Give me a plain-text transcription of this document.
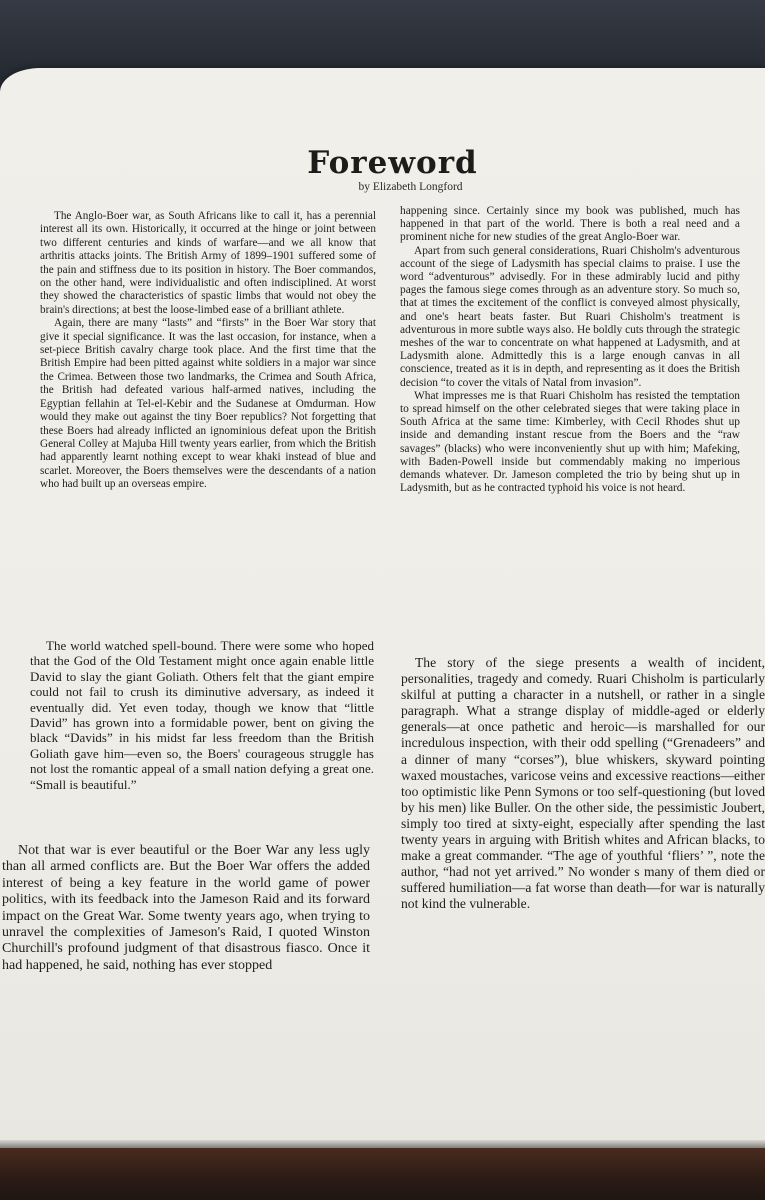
Foreword
by Elizabeth Longford

The Anglo-Boer war, as South Africans like to call it, has a perennial interest all its own. Historically, it occurred at the hinge or joint between two different centuries and kinds of warfare—and we all know that arthritis attacks joints. The British Army of 1899–1901 suffered some of the pain and stiffness due to its position in history. The Boer commandos, on the other hand, were individualistic and often indisciplined. At worst they showed the characteristics of spastic limbs that would not obey the brain's directions; at best the loose-limbed ease of a brilliant athlete.

Again, there are many “lasts” and “firsts” in the Boer War story that give it special significance. It was the last occasion, for instance, when a set-piece British cavalry charge took place. And the first time that the British Empire had been pitted against white soldiers in a major war since the Crimea. Between those two landmarks, the Crimea and South Africa, the British had defeated various half-armed natives, including the Egyptian fellahin at Tel-el-Kebir and the Sudanese at Omdurman. How would they make out against the tiny Boer republics? Not forgetting that these Boers had already inflicted an ignominious defeat upon the British General Colley at Majuba Hill twenty years earlier, from which the British had apparently learnt nothing except to wear khaki instead of blue and scarlet. Moreover, the Boers themselves were the descendants of a nation who had built up an overseas empire.

The world watched spell-bound. There were some who hoped that the God of the Old Testament might once again enable little David to slay the giant Goliath. Others felt that the giant empire could not fail to crush its diminutive adversary, as indeed it eventually did. Yet even today, though we know that “little David” has grown into a formidable power, bent on giving the black “Davids” in his midst far less freedom than the British Goliath gave him—even so, the Boers' courageous struggle has not lost the romantic appeal of a small nation defying a great one. “Small is beautiful.”

Not that war is ever beautiful or the Boer War any less ugly than all armed conflicts are. But the Boer War offers the added interest of being a key feature in the world game of power politics, with its feedback into the Jameson Raid and its forward impact on the Great War. Some twenty years ago, when trying to unravel the complexities of Jameson's Raid, I quoted Winston Churchill's profound judgment of that disastrous fiasco. Once it had happened, he said, nothing has ever stopped

happening since. Certainly since my book was published, much has happened in that part of the world. There is both a real need and a prominent niche for new studies of the great Anglo-Boer war.

Apart from such general considerations, Ruari Chisholm's adventurous account of the siege of Ladysmith has special claims to praise. I use the word “adventurous” advisedly. For in these admirably lucid and pithy pages the famous siege comes through as an adventure story. So much so, that at times the excitement of the conflict is conveyed almost physically, and one's heart beats faster. But Ruari Chisholm's treatment is adventurous in more subtle ways also. He boldly cuts through the strategic meshes of the war to concentrate on what happened at Ladysmith, and at Ladysmith alone. Admittedly this is a large enough canvas in all conscience, treated as it is in depth, and representing as it does the British decision “to cover the vitals of Natal from invasion”.

What impresses me is that Ruari Chisholm has resisted the temptation to spread himself on the other celebrated sieges that were taking place in South Africa at the same time: Kimberley, with Cecil Rhodes shut up inside and demanding instant rescue from the Boers and the “raw savages” (blacks) who were inconveniently shut up with him; Mafeking, with Baden-Powell inside but commendably making no imperious demands whatever. Dr. Jameson completed the trio by being shut up in Ladysmith, but as he contracted typhoid his voice is not heard.

The story of the siege presents a wealth of incident, personalities, tragedy and comedy. Ruari Chisholm is particularly skilful at putting a character in a nutshell, or rather in a single paragraph. What a strange display of middle-aged or elderly generals—at once pathetic and heroic—is marshalled for our incredulous inspection, with their odd spelling (“Grenadeers” and a dinner of many “corses”), blue whiskers, skyward pointing waxed moustaches, varicose veins and excessive reactions—either too optimistic like Penn Symons or too self-questioning (but loved by his men) like Buller. On the other side, the pessimistic Joubert, simply too tired at sixty-eight, especially after spending the last twenty years in arguing with British whites and African blacks, to make a great commander. “The age of youthful ‘fliers’ ”, note the author, “had not yet arrived.” No wonder s many of them died or suffered humiliation—a fat worse than death—for war is naturally not kind the vulnerable.
